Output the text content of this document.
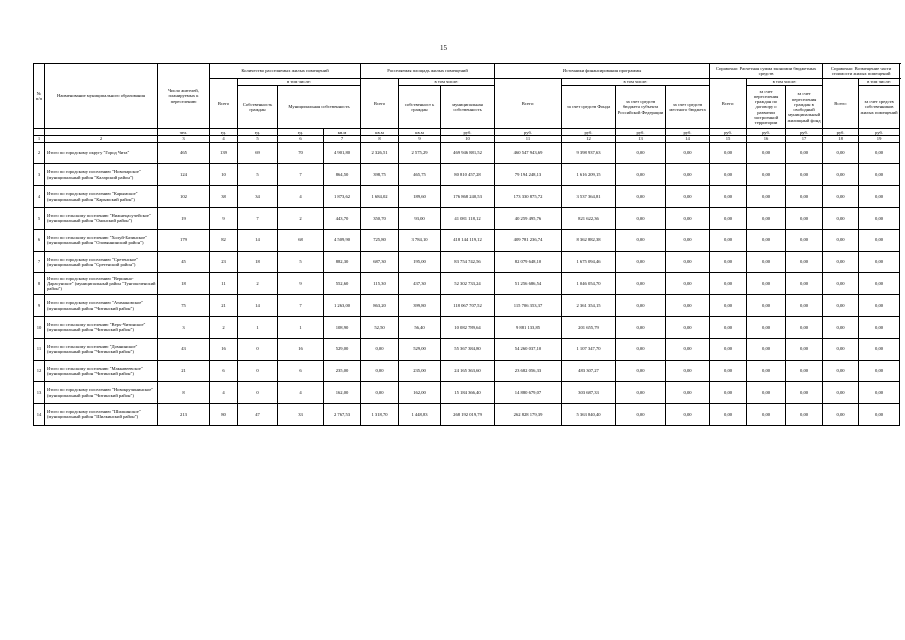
15
№ п/п	Наименование муниципального образования	Число жителей, планируемых к переселению	Количество расселяемых жилых помещений				Расселяемая площадь жилых помещений			Источники финансирования программы				Справочно: Расчетная сумма экономии бюджетных средств			Справочно: Возмещение части стоимости жилых помещений		
			Всего	в том числе:			Всего	в том числе:		Всего:	в том числе:			Всего:	в том числе:		Всего:	в том числе:	
				Собственность граждан	Муниципальная собственность			собственност ь граждан	муниципальная собственность		за счет средств Фонда	за счет средств бюджета субъекта Российской Федерации	за счет средств местного бюджета		за счет переселения граждан по договору о развитии застроенной территории	за счет переселения граждан в свободный муниципальный жилищный фонд		за счет средств собственников жилых помещений	
		чел.	ед.	ед.	ед.	кв.м	кв.м	кв.м	руб.	руб.	руб.	руб.	руб.	руб.	руб.	руб.	руб.	руб.	
1	2	3	4	5	6	7	8	9	10	11	12	13	14	15	16	17	18	19	
2	Итого по городскому округу "Город Чита"	465	139	69	70	4 901,80	2 326,51	2 575,29	469 946 881,52	460 547 943,69	9 398 937,63	0,00	0,00	0,00	0,00	0,00	0,00	0,00	
3	Итого по городскому поселению "Новочарское" (муниципальный район "Каларский район")	124	10	5	7	864,50	398,75	465,75	80 810 457,28	79 194 248,13	1 616 209,15	0,00	0,00	0,00	0,00	0,00	0,00	0,00	
4	Итого по городскому поселению "Карымское" (муниципальный район "Карымский район")	102	38	34	4	1 873,62	1 684,02	189,60	176 868 240,53	173 330 875,72	3 537 364,81	0,00	0,00	0,00	0,00	0,00	0,00	0,00	
5	Итого по сельскому поселению "Нижнецасучейское" (муниципальный район "Ононский район")	19	9	7	2	443,70	350,70	93,00	41 081 118,12	40 259 495,76	821 622,36	0,00	0,00	0,00	0,00	0,00	0,00	0,00	
6	Итого по сельскому поселению "Холуй-Базинское" (муниципальный район "Оловяннинский район")	179	82	14	68	4 509,90	725,80	3 784,10	418 144 119,12	409 781 236,74	8 362 882,38	0,00	0,00	0,00	0,00	0,00	0,00	0,00	
7	Итого по городскому поселению "Сретенское" (муниципальный район "Сретенский район")	45	23	18	5	882,30	687,30	195,00	83 754 742,56	82 079 648,10	1 675 094,46	0,00	0,00	0,00	0,00	0,00	0,00	0,00	
8	Итого по городскому поселению "Вершино-Дарасунское" (муниципальный район "Тунгокоченский район")	18	11	2	9	552,60	115,30	437,30	52 302 733,24	51 256 686,54	1 046 054,70	0,00	0,00	0,00	0,00	0,00	0,00	0,00	
9	Итого по городскому поселению "Атамановское" (муниципальный район "Читинский район")	75	21	14	7	1 263,00	863,20	399,80	118 067 707,52	115 706 353,37	2 361 354,15	0,00	0,00	0,00	0,00	0,00	0,00	0,00	
10	Итого по сельскому поселению "Верх-Читинское" (муниципальный район "Читинский район")	3	2	1	1	108,90	52,50	56,40	10 082 789,64	9 881 133,85	201 655,79	0,00	0,00	0,00	0,00	0,00	0,00	0,00	
11	Итого по сельскому поселению "Домнинское" (муниципальный район "Читинский район")	43	16	0	16	529,00	0,00	529,00	55 367 384,80	54 260 037,10	1 107 347,70	0,00	0,00	0,00	0,00	0,00	0,00	0,00	
12	Итого по сельскому поселению "Маккавеевское" (муниципальный район "Читинский район")	21	6	0	6	235,00	0,00	235,00	24 165 363,60	23 682 056,33	483 307,27	0,00	0,00	0,00	0,00	0,00	0,00	0,00	
13	Итого по городскому поселению "Новокручининское" (муниципальный район "Читинский район")	8	4	0	4	162,00	0,00	162,00	15 184 366,40	14 880 679,07	303 687,33	0,00	0,00	0,00	0,00	0,00	0,00	0,00	
14	Итого по городскому поселению "Шилкинское" (муниципальный район "Шилкинский район")	213	80	47	33	2 767,53	1 318,70	1 448,83	268 192 019,79	262 828 179,39	5 363 840,40	0,00	0,00	0,00	0,00	0,00	0,00	0,00	
